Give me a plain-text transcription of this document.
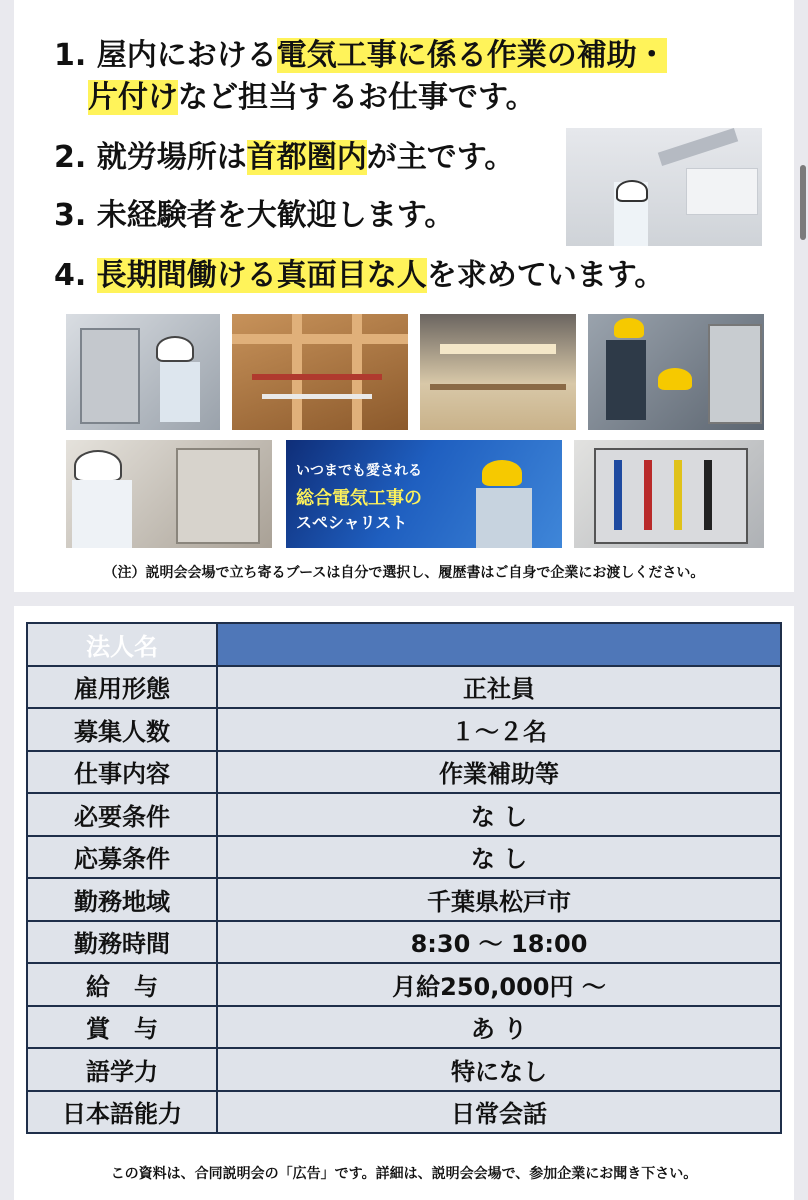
1. 屋内における電気工事に係る作業の補助・
片付けなど担当するお仕事です。
2. 就労場所は首都圏内が主です。
3. 未経験者を大歓迎します。
4. 長期間働ける真面目な人を求めています。
いつまでも愛される
総合電気工事の
スペシャリスト
（注）説明会会場で立ち寄るブースは自分で選択し、履歴書はご自身で企業にお渡しください。
法人名	
雇用形態	正社員
募集人数	１～２名
仕事内容	作業補助等
必要条件	な し
応募条件	な し
勤務地域	千葉県松戸市
勤務時間	8:30 ～ 18:00
給　与	月給250,000円 ～
賞　与	あ り
語学力	特になし
日本語能力	日常会話
この資料は、合同説明会の「広告」です。詳細は、説明会会場で、参加企業にお聞き下さい。
